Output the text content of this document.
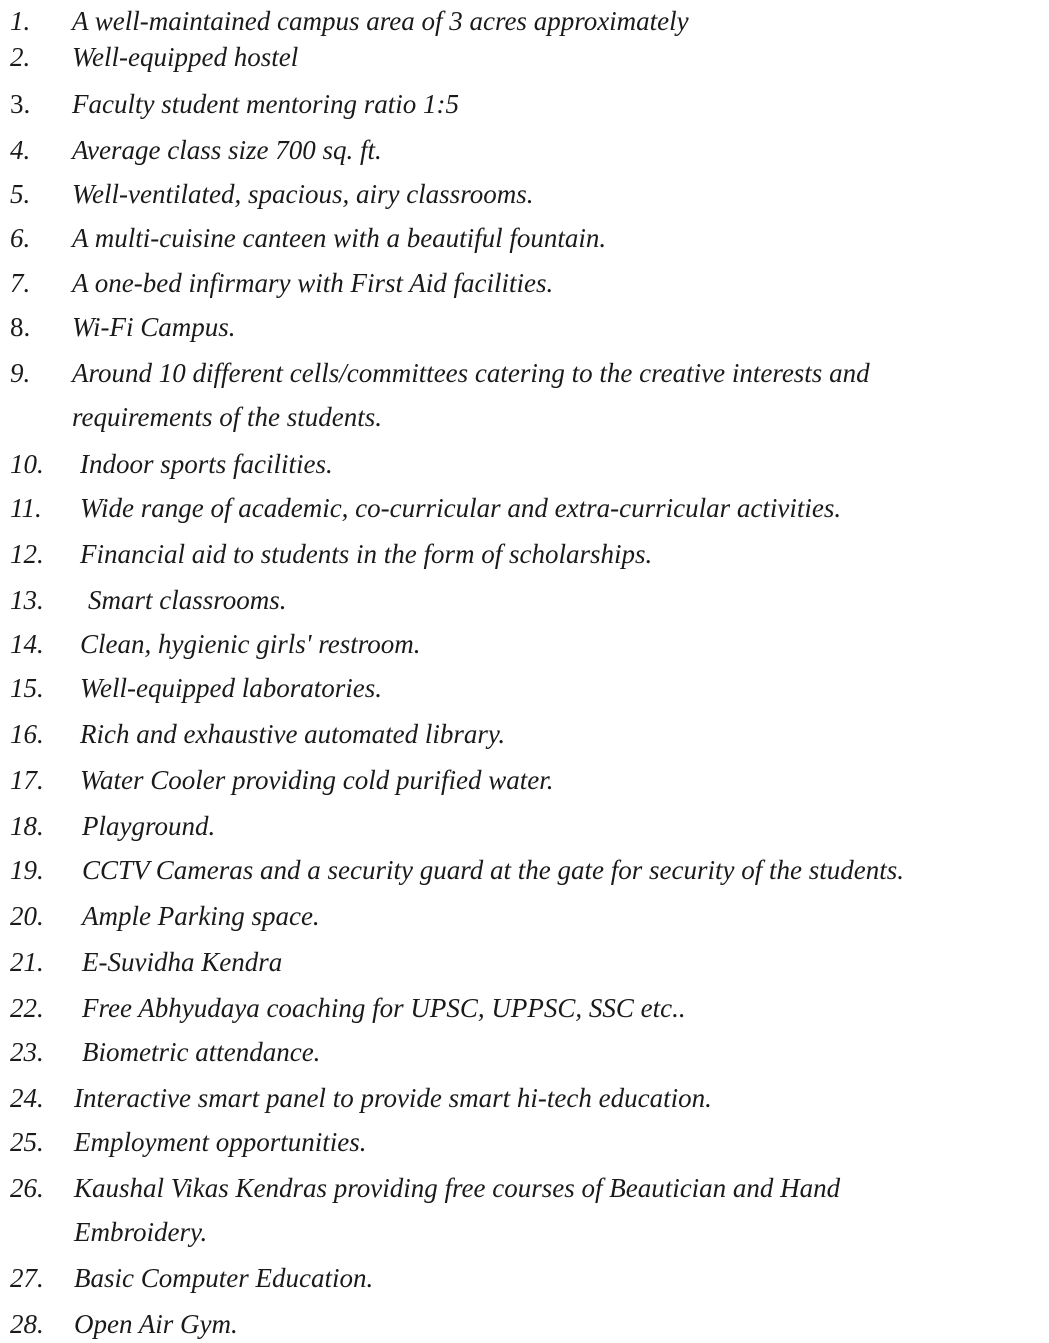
1. A well-maintained campus area of 3 acres approximately
2. Well-equipped hostel
3. Faculty student mentoring ratio 1:5
4. Average class size 700 sq. ft.
5. Well-ventilated, spacious, airy classrooms.
6. A multi-cuisine canteen with a beautiful fountain.
7. A one-bed infirmary with First Aid facilities.
8. Wi-Fi Campus.
9. Around 10 different cells/committees catering to the creative interests and
requirements of the students.
10. Indoor sports facilities.
11. Wide range of academic, co-curricular and extra-curricular activities.
12. Financial aid to students in the form of scholarships.
13. Smart classrooms.
14. Clean, hygienic girls' restroom.
15. Well-equipped laboratories.
16. Rich and exhaustive automated library.
17. Water Cooler providing cold purified water.
18. Playground.
19. CCTV Cameras and a security guard at the gate for security of the students.
20. Ample Parking space.
21. E-Suvidha Kendra
22. Free Abhyudaya coaching for UPSC, UPPSC, SSC etc..
23. Biometric attendance.
24. Interactive smart panel to provide smart hi-tech education.
25. Employment opportunities.
26. Kaushal Vikas Kendras providing free courses of Beautician and Hand
Embroidery.
27. Basic Computer Education.
28. Open Air Gym.
